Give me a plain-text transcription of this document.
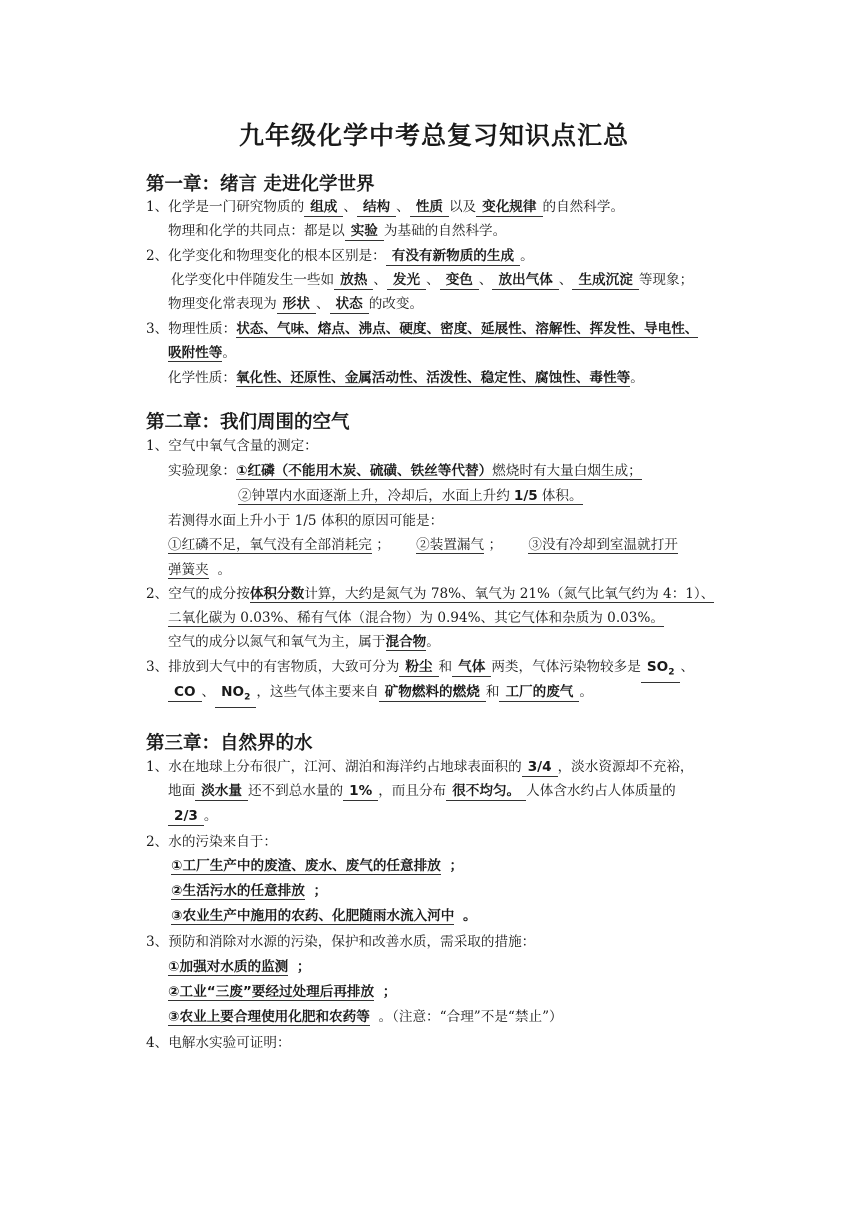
九年级化学中考总复习知识点汇总
第一章：绪言 走进化学世界
1、化学是一门研究物质的 组成 、 结构 、 性质 以及 变化规律 的自然科学。
物理和化学的共同点：都是以 实验 为基础的自然科学。
2、化学变化和物理变化的根本区别是： 有没有新物质的生成 。
化学变化中伴随发生一些如 放热 、 发光 、 变色 、 放出气体 、 生成沉淀 等现象；
物理变化常表现为 形状 、 状态 的改变。
3、物理性质：状态、气味、熔点、沸点、硬度、密度、延展性、溶解性、挥发性、导电性、
吸附性等。
化学性质：氧化性、还原性、金属活动性、活泼性、稳定性、腐蚀性、毒性等。
第二章：我们周围的空气
1、空气中氧气含量的测定：
实验现象：①红磷（不能用木炭、硫磺、铁丝等代替）燃烧时有大量白烟生成；
②钟罩内水面逐渐上升，冷却后，水面上升约 1/5 体积。
若测得水面上升小于 1/5 体积的原因可能是：
①红磷不足，氧气没有全部消耗完 ； ②装置漏气 ； ③没有冷却到室温就打开
弹簧夹 。
2、空气的成分按体积分数计算，大约是氮气为 78%、氧气为 21%（氮气比氧气约为 4：1）、
二氧化碳为 0.03%、稀有气体（混合物）为 0.94%、其它气体和杂质为 0.03%。
空气的成分以氮气和氧气为主，属于混合物。
3、排放到大气中的有害物质，大致可分为 粉尘 和 气体 两类，气体污染物较多是 $SO_2$ 、
CO 、 $NO_2$ ，这些气体主要来自 矿物燃料的燃烧 和 工厂的废气 。
第三章：自然界的水
1、水在地球上分布很广，江河、湖泊和海洋约占地球表面积的 3/4 ，淡水资源却不充裕，
地面 淡水量 还不到总水量的 1% ，而且分布 很不均匀。 人体含水约占人体质量的
2/3 。
2、水的污染来自于：
①工厂生产中的废渣、废水、废气的任意排放 ；
②生活污水的任意排放 ；
③农业生产中施用的农药、化肥随雨水流入河中 。
3、预防和消除对水源的污染，保护和改善水质，需采取的措施：
①加强对水质的监测 ；
②工业“三废”要经过处理后再排放 ；
③农业上要合理使用化肥和农药等 。（注意：“合理”不是“禁止”）
4、电解水实验可证明：
